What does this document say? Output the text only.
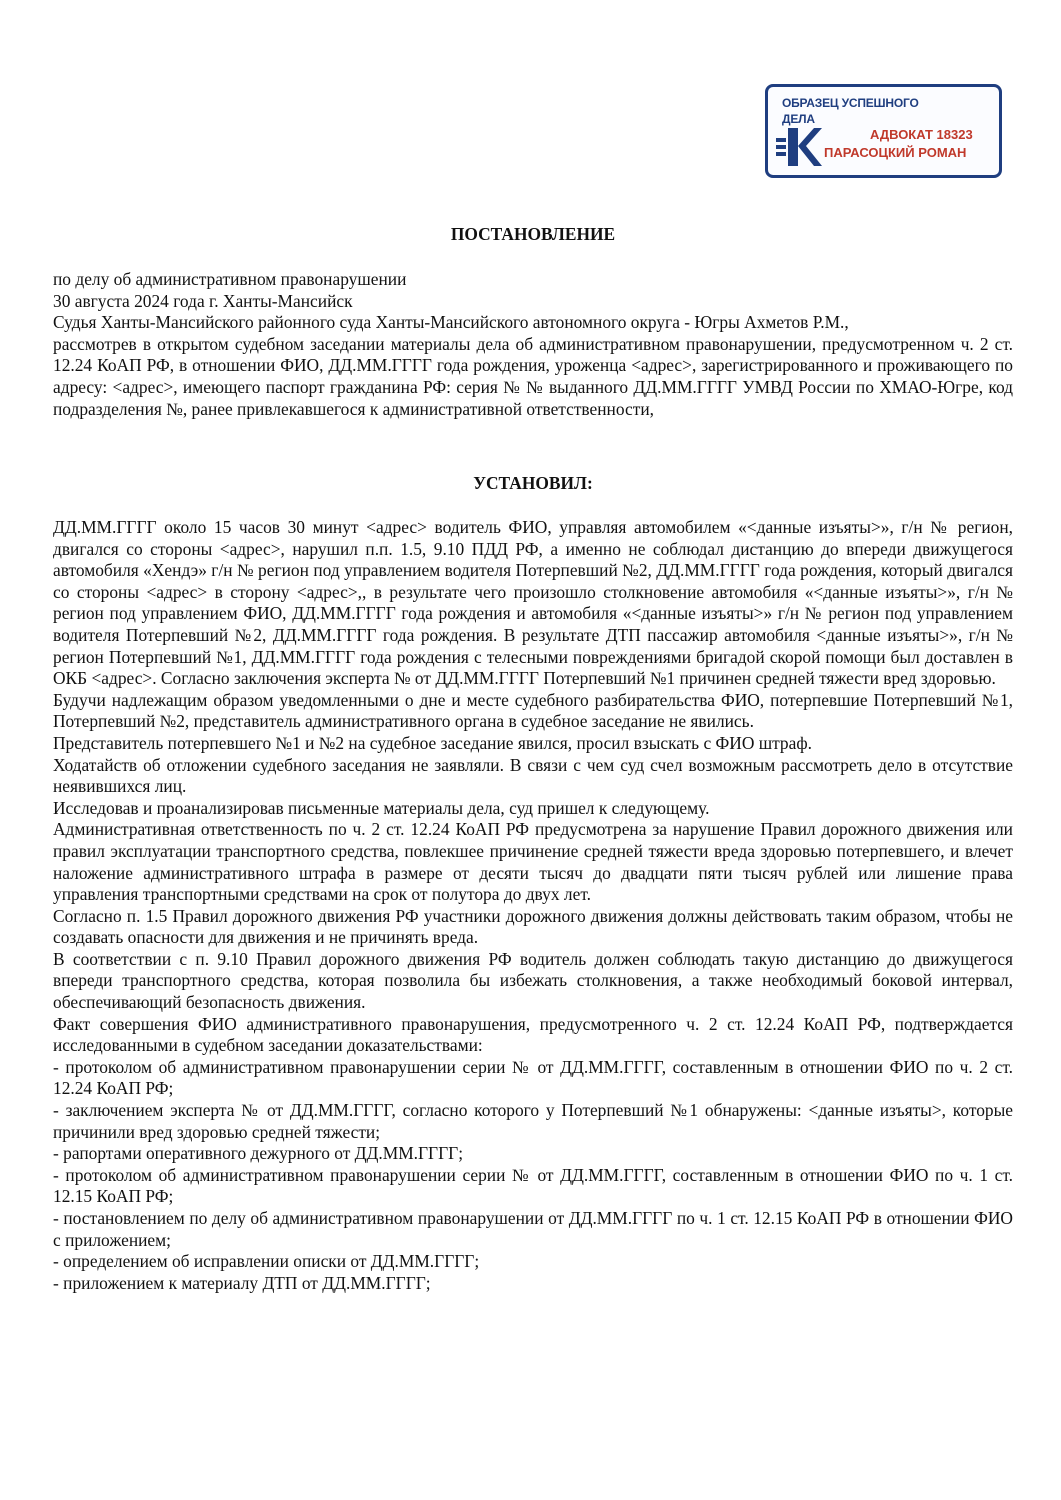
ОБРАЗЕЦ УСПЕШНОГО
ДЕЛА
АДВОКАТ 18323
ПАРАСОЦКИЙ РОМАН
ПОСТАНОВЛЕНИЕ

по делу об административном правонарушении

30 августа 2024 года г. Ханты-Мансийск

Судья Ханты-Мансийского районного суда Ханты-Мансийского автономного округа - Югры Ахметов Р.М.,

рассмотрев в открытом судебном заседании материалы дела об административном правонарушении, предусмотренном ч. 2 ст. 12.24 КоАП РФ, в отношении ФИО, ДД.ММ.ГГГГ года рождения, уроженца <адрес>, зарегистрированного и проживающего по адресу: <адрес>, имеющего паспорт гражданина РФ: серия № № выданного ДД.ММ.ГГГГ УМВД России по ХМАО-Югре, код подразделения №, ранее привлекавшегося к административной ответственности,

УСТАНОВИЛ:

ДД.ММ.ГГГГ около 15 часов 30 минут <адрес> водитель ФИО, управляя автомобилем «<данные изъяты>», г/н № регион, двигался со стороны <адрес>, нарушил п.п. 1.5, 9.10 ПДД РФ, а именно не соблюдал дистанцию до впереди движущегося автомобиля «Хендэ» г/н № регион под управлением водителя Потерпевший №2, ДД.ММ.ГГГГ года рождения, который двигался со стороны <адрес> в сторону <адрес>,, в результате чего произошло столкновение автомобиля «<данные изъяты>», г/н № регион под управлением ФИО, ДД.ММ.ГГГГ года рождения и автомобиля «<данные изъяты>» г/н № регион под управлением водителя Потерпевший №2, ДД.ММ.ГГГГ года рождения. В результате ДТП пассажир автомобиля <данные изъяты>», г/н № регион Потерпевший №1, ДД.ММ.ГГГГ года рождения с телесными повреждениями бригадой скорой помощи был доставлен в ОКБ <адрес>. Согласно заключения эксперта № от ДД.ММ.ГГГГ Потерпевший №1 причинен средней тяжести вред здоровью.

Будучи надлежащим образом уведомленными о дне и месте судебного разбирательства ФИО, потерпевшие Потерпевший №1, Потерпевший №2, представитель административного органа в судебное заседание не явились.

Представитель потерпевшего №1 и №2 на судебное заседание явился, просил взыскать с ФИО штраф.

Ходатайств об отложении судебного заседания не заявляли. В связи с чем суд счел возможным рассмотреть дело в отсутствие неявившихся лиц.

Исследовав и проанализировав письменные материалы дела, суд пришел к следующему.

Административная ответственность по ч. 2 ст. 12.24 КоАП РФ предусмотрена за нарушение Правил дорожного движения или правил эксплуатации транспортного средства, повлекшее причинение средней тяжести вреда здоровью потерпевшего, и влечет наложение административного штрафа в размере от десяти тысяч до двадцати пяти тысяч рублей или лишение права управления транспортными средствами на срок от полутора до двух лет.

Согласно п. 1.5 Правил дорожного движения РФ участники дорожного движения должны действовать таким образом, чтобы не создавать опасности для движения и не причинять вреда.

В соответствии с п. 9.10 Правил дорожного движения РФ водитель должен соблюдать такую дистанцию до движущегося впереди транспортного средства, которая позволила бы избежать столкновения, а также необходимый боковой интервал, обеспечивающий безопасность движения.

Факт совершения ФИО административного правонарушения, предусмотренного ч. 2 ст. 12.24 КоАП РФ, подтверждается исследованными в судебном заседании доказательствами:

- протоколом об административном правонарушении серии № от ДД.ММ.ГГГГ, составленным в отношении ФИО по ч. 2 ст. 12.24 КоАП РФ;

- заключением эксперта № от ДД.ММ.ГГГГ, согласно которого у Потерпевший №1 обнаружены: <данные изъяты>, которые причинили вред здоровью средней тяжести;

- рапортами оперативного дежурного от ДД.ММ.ГГГГ;

- протоколом об административном правонарушении серии № от ДД.ММ.ГГГГ, составленным в отношении ФИО по ч. 1 ст. 12.15 КоАП РФ;

- постановлением по делу об административном правонарушении от ДД.ММ.ГГГГ по ч. 1 ст. 12.15 КоАП РФ в отношении ФИО с приложением;

- определением об исправлении описки от ДД.ММ.ГГГГ;

- приложением к материалу ДТП от ДД.ММ.ГГГГ;
